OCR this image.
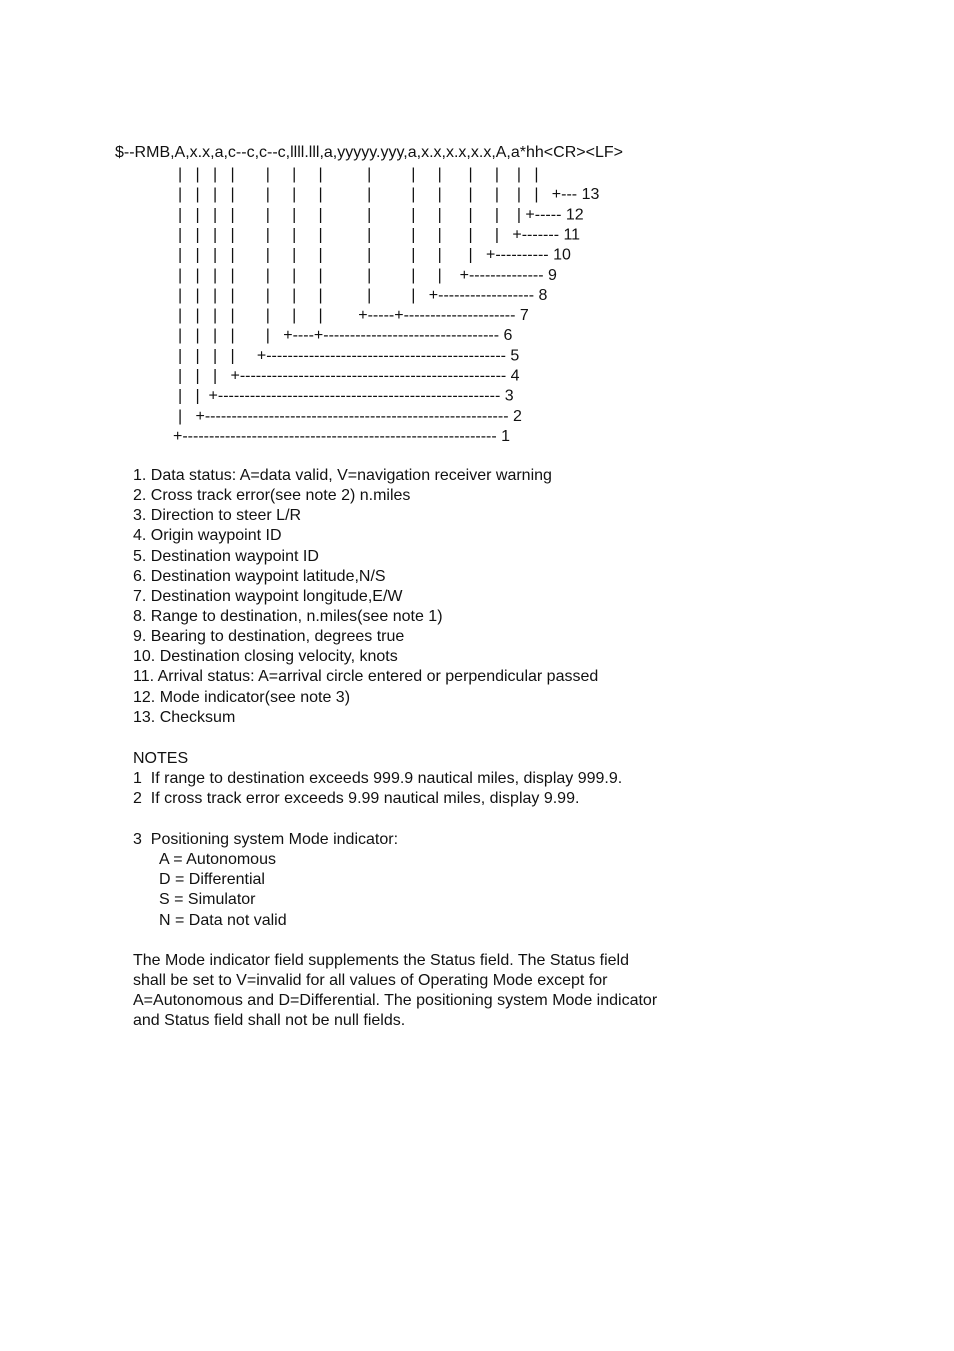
$--RMB,A,x.x,a,c--c,c--c,llll.lll,a,yyyyy.yyy,a,x.x,x.x,x.x,A,a*hh<CR><LF>
|   |   |   |       |     |     |          |         |     |      |     |    |   |
|   |   |   |       |     |     |          |         |     |      |     |    |   |   +--- 13
|   |   |   |       |     |     |          |         |     |      |     |    | +----- 12
|   |   |   |       |     |     |          |         |     |      |     |   +------- 11
|   |   |   |       |     |     |          |         |     |      |   +---------- 10
|   |   |   |       |     |     |          |         |     |    +-------------- 9
|   |   |   |       |     |     |          |         |   +------------------ 8
|   |   |   |       |     |     |        +-----+--------------------- 7
|   |   |   |       |   +----+--------------------------------- 6
|   |   |   |     +--------------------------------------------- 5
|   |   |   +-------------------------------------------------- 4
|   |  +----------------------------------------------------- 3
|   +--------------------------------------------------------- 2
+----------------------------------------------------------- 1
1. Data status: A=data valid, V=navigation receiver warning
2. Cross track error(see note 2) n.miles
3. Direction to steer L/R
4. Origin waypoint ID
5. Destination waypoint ID
6. Destination waypoint latitude,N/S
7. Destination waypoint longitude,E/W
8. Range to destination, n.miles(see note 1)
9. Bearing to destination, degrees true
10. Destination closing velocity, knots
11. Arrival status: A=arrival circle entered or perpendicular passed
12. Mode indicator(see note 3)
13. Checksum
NOTES
1  If range to destination exceeds 999.9 nautical miles, display 999.9.
2  If cross track error exceeds 9.99 nautical miles, display 9.99.
3  Positioning system Mode indicator:
A = Autonomous
D = Differential
S = Simulator
N = Data not valid
The Mode indicator field supplements the Status field. The Status field
shall be set to V=invalid for all values of Operating Mode except for
A=Autonomous and D=Differential. The positioning system Mode indicator
and Status field shall not be null fields.
